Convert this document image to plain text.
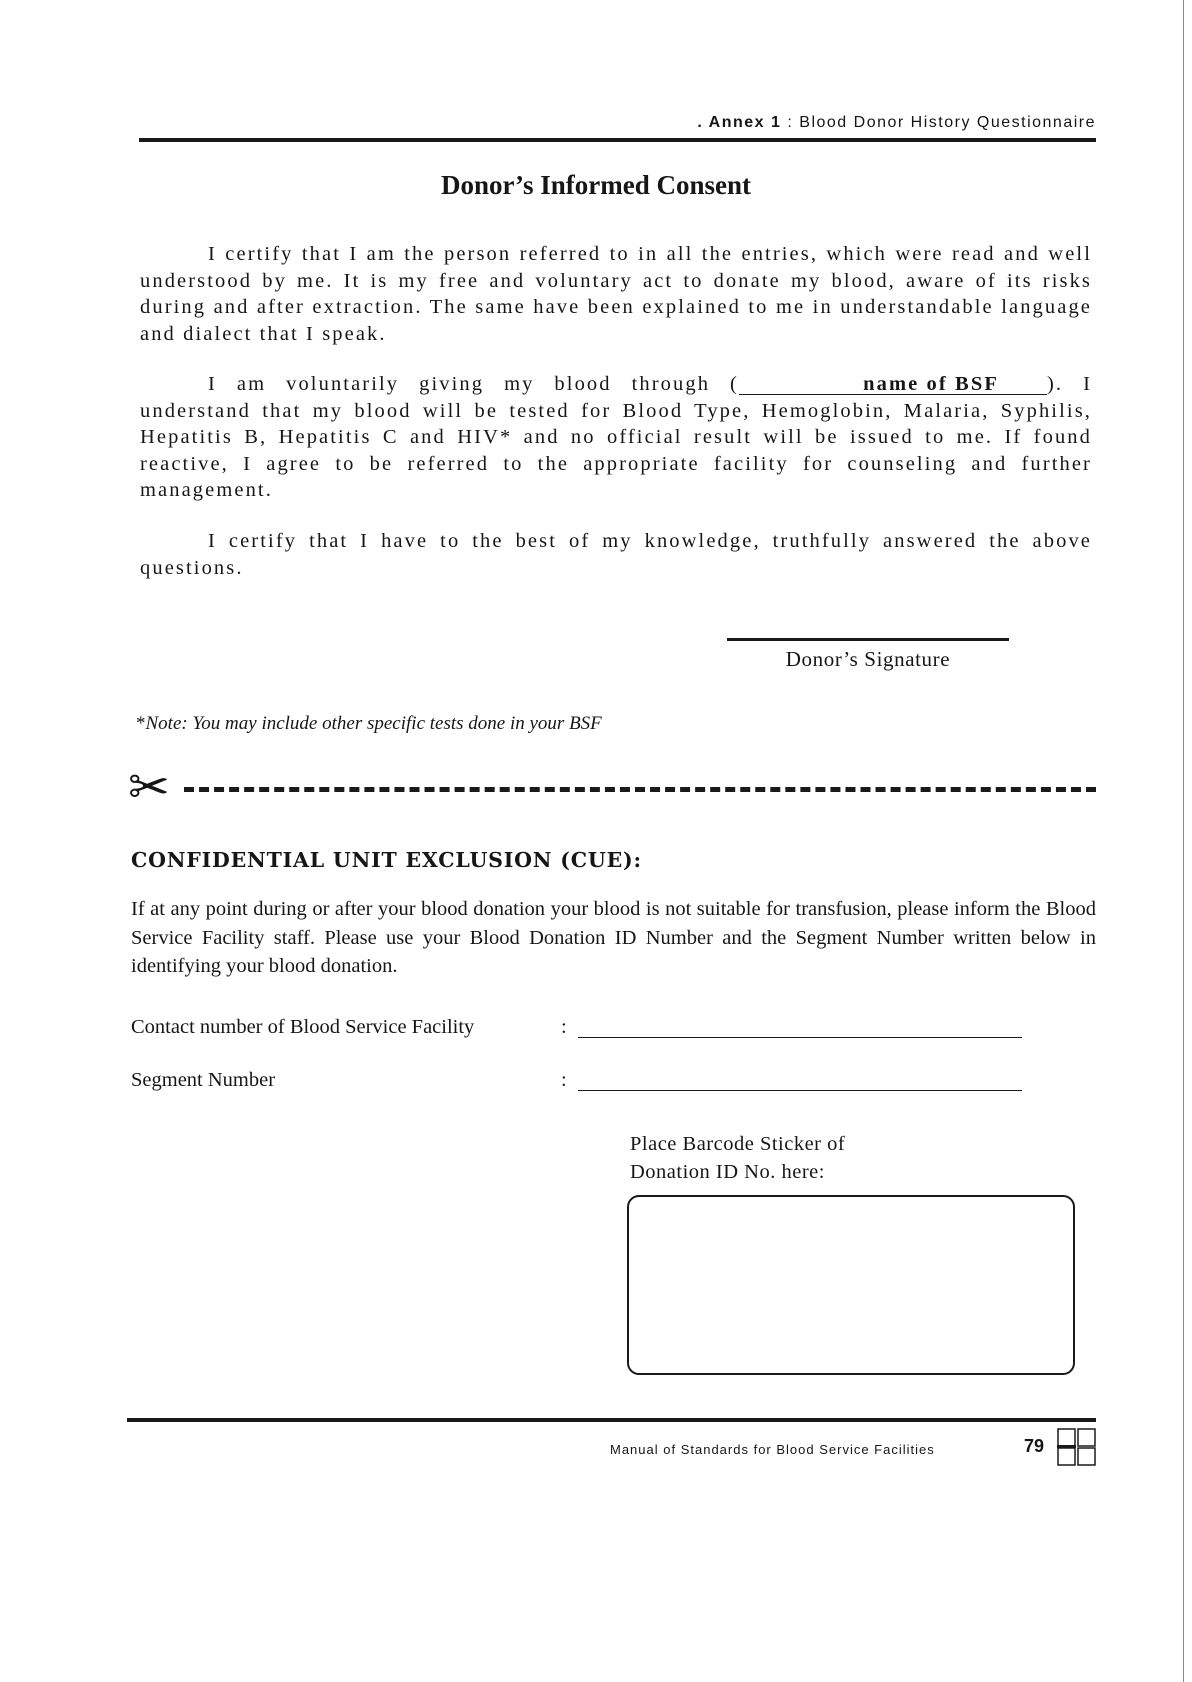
. Annex 1 : Blood Donor History Questionnaire
Donor’s Informed Consent
I certify that I am the person referred to in all the entries, which were read and well understood by me. It is my free and voluntary act to donate my blood, aware of its risks during and after extraction. The same have been explained to me in understandable language and dialect that I speak.
I am voluntarily giving my blood through (	name of BSF ). I understand that my blood will be tested for Blood Type, Hemoglobin, Malaria, Syphilis, Hepatitis B, Hepatitis C and HIV* and no official result will be issued to me. If found reactive, I agree to be referred to the appropriate facility for counseling and further management.
I certify that I have to the best of my knowledge, truthfully answered the above questions.
Donor’s Signature
*Note: You may include other specific tests done in your BSF
✂
CONFIDENTIAL UNIT EXCLUSION (CUE):
If at any point during or after your blood donation your blood is not suitable for transfusion, please inform the Blood Service Facility staff. Please use your Blood Donation ID Number and the Segment Number written below in identifying your blood donation.
Contact number of Blood Service Facility	:
Segment Number	:
Place Barcode Sticker of
Donation ID No. here:
Manual of Standards for Blood Service Facilities	79
